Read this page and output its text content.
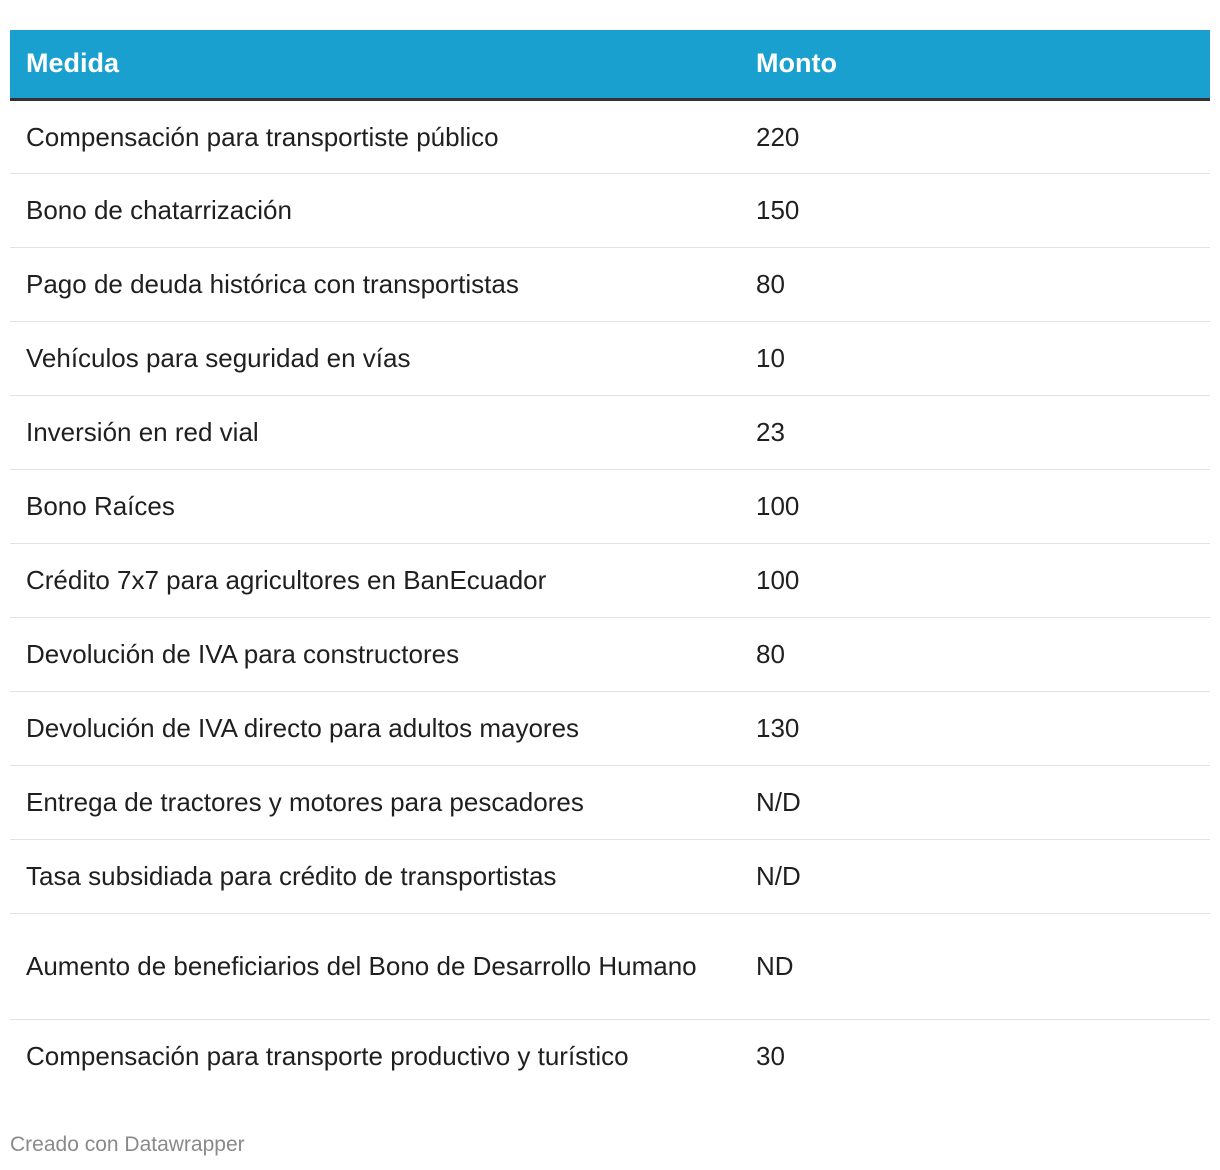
Medida	Monto
Compensación para transportiste público	220
Bono de chatarrización	150
Pago de deuda histórica con transportistas	80
Vehículos para seguridad en vías	10
Inversión en red vial	23
Bono Raíces	100
Crédito 7x7 para agricultores en BanEcuador	100
Devolución de IVA para constructores	80
Devolución de IVA directo para adultos mayores	130
Entrega de tractores y motores para pescadores	N/D
Tasa subsidiada para crédito de transportistas	N/D
Aumento de beneficiarios del Bono de Desarrollo Humano	ND
Compensación para transporte productivo y turístico	30
Creado con Datawrapper
